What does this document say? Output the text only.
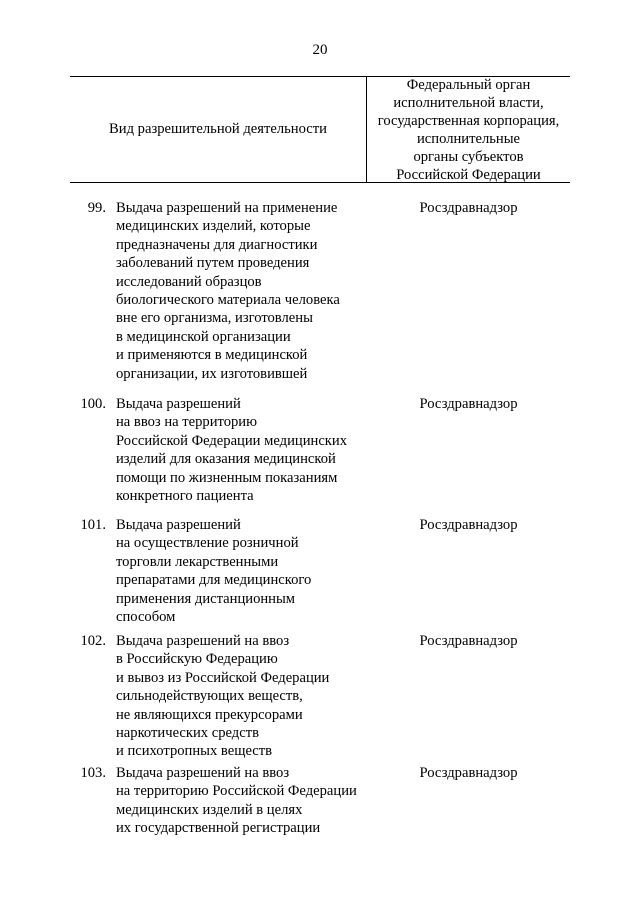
20
Вид разрешительной деятельности
Федеральный орган
исполнительной власти,
государственная корпорация,
исполнительные
органы субъектов
Российской Федерации
99. Выдача разрешений на применение
медицинских изделий, которые
предназначены для диагностики
заболеваний путем проведения
исследований образцов
биологического материала человека
вне его организма, изготовлены
в медицинской организации
и применяются в медицинской
организации, их изготовившей
Росздравнадзор
100. Выдача разрешений
на ввоз на территорию
Российской Федерации медицинских
изделий для оказания медицинской
помощи по жизненным показаниям
конкретного пациента
Росздравнадзор
101. Выдача разрешений
на осуществление розничной
торговли лекарственными
препаратами для медицинского
применения дистанционным
способом
Росздравнадзор
102. Выдача разрешений на ввоз
в Российскую Федерацию
и вывоз из Российской Федерации
сильнодействующих веществ,
не являющихся прекурсорами
наркотических средств
и психотропных веществ
Росздравнадзор
103. Выдача разрешений на ввоз
на территорию Российской Федерации
медицинских изделий в целях
их государственной регистрации
Росздравнадзор
